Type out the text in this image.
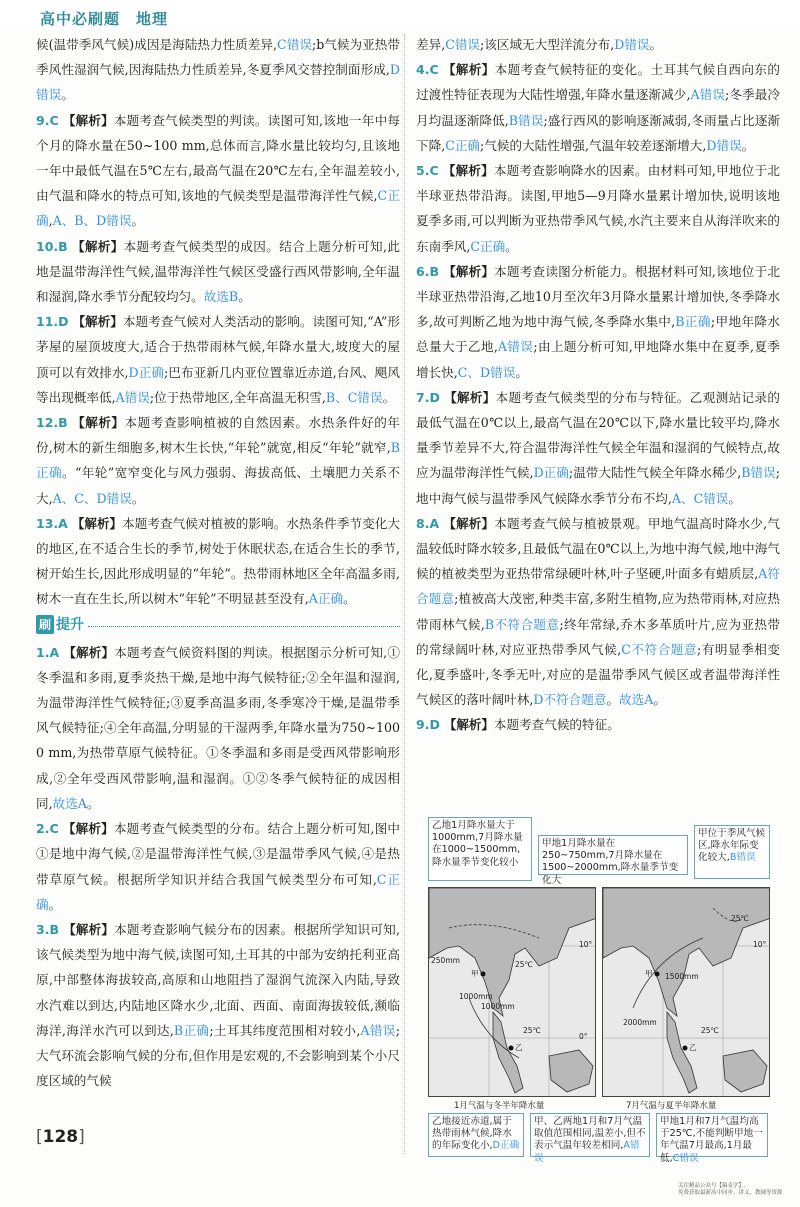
高中必刷题　地理

候(温带季风气候)成因是海陆热力性质差异,C错误;b气候为亚热带季风性湿润气候,因海陆热力性质差异,冬夏季风交替控制面形成,D错误。

9.C 【解析】本题考查气候类型的判读。读图可知,该地一年中每个月的降水量在50~100 mm,总体而言,降水量比较均匀,且该地一年中最低气温在5℃左右,最高气温在20℃左右,全年温差较小,由气温和降水的特点可知,该地的气候类型是温带海洋性气候,C正确,A、B、D错误。

10.B 【解析】本题考查气候类型的成因。结合上题分析可知,此地是温带海洋性气候,温带海洋性气候区受盛行西风带影响,全年温和湿润,降水季节分配较均匀。故选B。

11.D 【解析】本题考查气候对人类活动的影响。读图可知,“A”形茅屋的屋顶坡度大,适合于热带雨林气候,年降水量大,坡度大的屋顶可以有效排水,D正确;巴布亚新几内亚位置靠近赤道,台风、飓风等出现概率低,A错误;位于热带地区,全年高温无积雪,B、C错误。

12.B 【解析】本题考查影响植被的自然因素。水热条件好的年份,树木的新生细胞多,树木生长快,“年轮”就宽,相反“年轮”就窄,B正确。“年轮”宽窄变化与风力强弱、海拔高低、土壤肥力关系不大,A、C、D错误。

13.A 【解析】本题考查气候对植被的影响。水热条件季节变化大的地区,在不适合生长的季节,树处于休眠状态,在适合生长的季节,树开始生长,因此形成明显的“年轮”。热带雨林地区全年高温多雨,树木一直在生长,所以树木“年轮”不明显甚至没有,A正确。

刷 提升

1.A 【解析】本题考查气候资料图的判读。根据图示分析可知,①冬季温和多雨,夏季炎热干燥,是地中海气候特征;②全年温和湿润,为温带海洋性气候特征;③夏季高温多雨,冬季寒冷干燥,是温带季风气候特征;④全年高温,分明显的干湿两季,年降水量为750~1000 mm,为热带草原气候特征。①冬季温和多雨是受西风带影响形成,②全年受西风带影响,温和湿润。①②冬季气候特征的成因相同,故选A。

2.C 【解析】本题考查气候类型的分布。结合上题分析可知,图中①是地中海气候,②是温带海洋性气候,③是温带季风气候,④是热带草原气候。根据所学知识并结合我国气候类型分布可知,C正确。

3.B 【解析】本题考查影响气候分布的因素。根据所学知识可知,该气候类型为地中海气候,读图可知,土耳其的中部为安纳托利亚高原,中部整体海拔较高,高原和山地阻挡了湿润气流深入内陆,导致水汽难以到达,内陆地区降水少,北面、西面、南面海拔较低,濒临海洋,海洋水汽可以到达,B正确;土耳其纬度范围相对较小,A错误;大气环流会影响气候的分布,但作用是宏观的,不会影响到某个小尺度区域的气候

差异,C错误;该区域无大型洋流分布,D错误。

4.C 【解析】本题考查气候特征的变化。土耳其气候自西向东的过渡性特征表现为大陆性增强,年降水量逐渐减少,A错误;冬季最冷月均温逐渐降低,B错误;盛行西风的影响逐渐减弱,冬雨量占比逐渐下降,C正确;气候的大陆性增强,气温年较差逐渐增大,D错误。

5.C 【解析】本题考查影响降水的因素。由材料可知,甲地位于北半球亚热带沿海。读图,甲地5—9月降水量累计增加快,说明该地夏季多雨,可以判断为亚热带季风气候,水汽主要来自从海洋吹来的东南季风,C正确。

6.B 【解析】本题考查读图分析能力。根据材料可知,该地位于北半球亚热带沿海,乙地10月至次年3月降水量累计增加快,冬季降水多,故可判断乙地为地中海气候,冬季降水集中,B正确;甲地年降水总量大于乙地,A错误;由上题分析可知,甲地降水集中在夏季,夏季增长快,C、D错误。

7.D 【解析】本题考查气候类型的分布与特征。乙观测站记录的最低气温在0℃以上,最高气温在20℃以下,降水量比较平均,降水量季节差异不大,符合温带海洋性气候全年温和湿润的气候特点,故应为温带海洋性气候,D正确;温带大陆性气候全年降水稀少,B错误;地中海气候与温带季风气候降水季节分布不均,A、C错误。

8.A 【解析】本题考查气候与植被景观。甲地气温高时降水少,气温较低时降水较多,且最低气温在0℃以上,为地中海气候,地中海气候的植被类型为亚热带常绿硬叶林,叶子坚硬,叶面多有蜡质层,A符合题意;植被高大茂密,种类丰富,多附生植物,应为热带雨林,对应热带雨林气候,B不符合题意;终年常绿,乔木多革质叶片,应为亚热带的常绿阔叶林,对应亚热带季风气候,C不符合题意;有明显季相变化,夏季盛叶,冬季无叶,对应的是温带季风气候区或者温带海洋性气候区的落叶阔叶林,D不符合题意。故选A。

9.D 【解析】本题考查气候的特征。

乙地1月降水量大于1000mm,7月降水量在1000~1500mm,降水量季节变化较小
甲地1月降水量在250~750mm,7月降水量在1500~2000mm,降水量季节变化大
甲位于季风气候区,降水年际变化较大,B错误
250mm	25℃
甲
1000mm
1000mm
10°
乙
25℃
0°
25℃
甲 1500mm
2000mm
10°
乙
25℃
1月气温与冬半年降水量	7月气温与夏半年降水量
乙地接近赤道,属于热带雨林气候,降水的年际变化小,D正确
甲、乙两地1月和7月气温取值范围相同,温差小,但不表示气温年较差相同,A错误
甲地1月和7月气温均高于25℃,不能判断甲地一年气温7月最高,1月最低,C错误
[128]
关注精品公众号【偏麦学】,
免费获取最新高中同步、讲义、教辅等资源
